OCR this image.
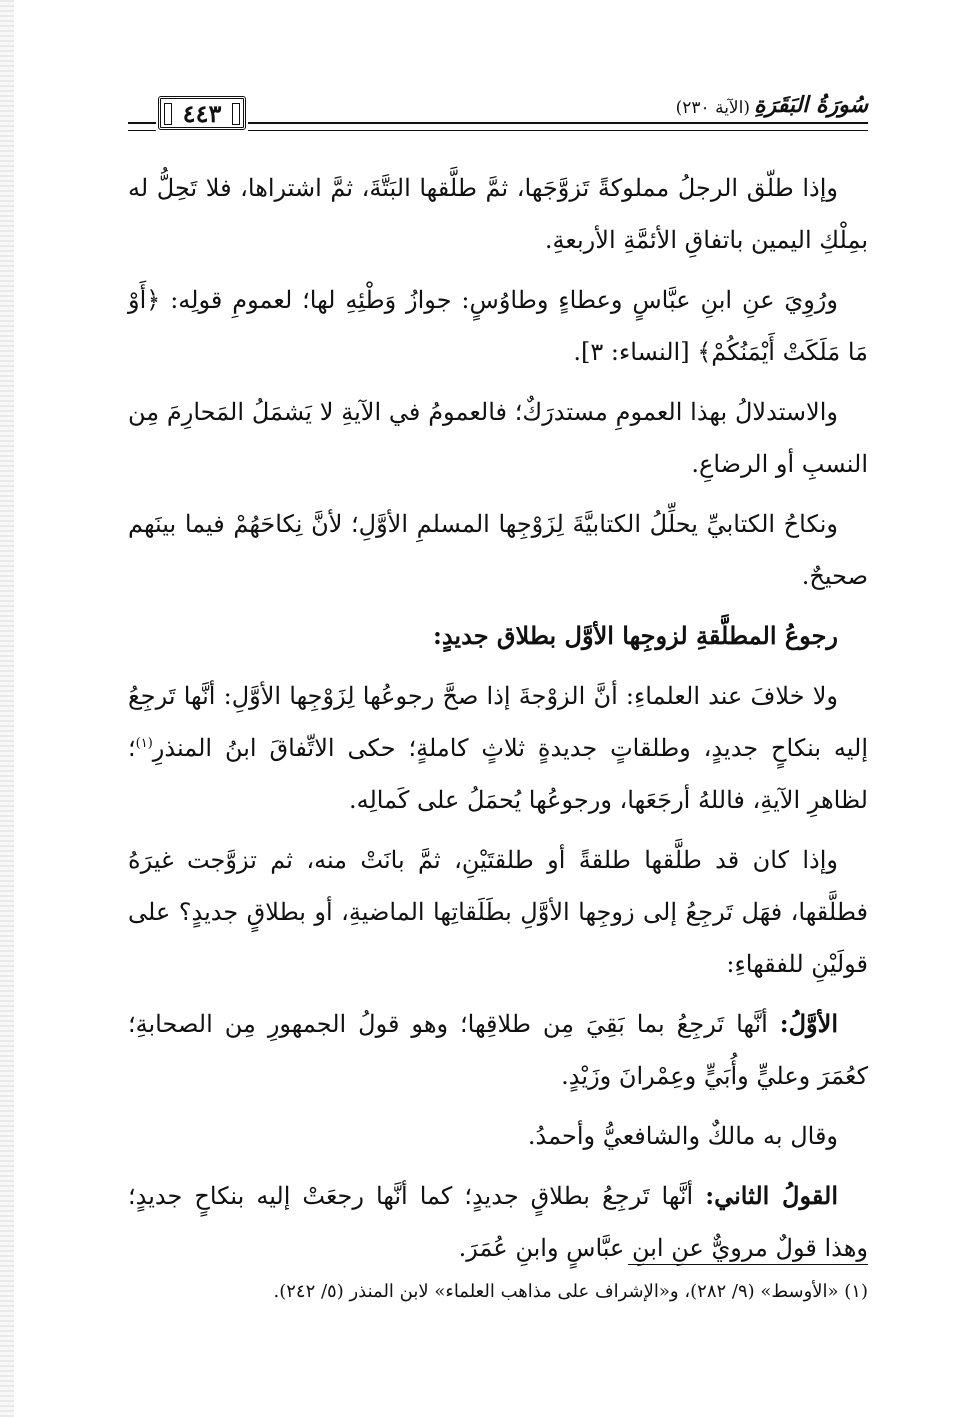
٤٤٣	سُورَةُ البَقَرَةِ
(الآية ٢٣٠)

وإذا طلّق الرجلُ مملوكةً تَزوَّجَها، ثمَّ طلَّقها البَتَّةَ، ثمَّ اشتراها، فلا تَحِلُّ له بمِلْكِ اليمين باتفاقِ الأئمَّةِ الأربعةِ.

ورُوِيَ عنِ ابنِ عبَّاسٍ وعطاءٍ وطاوُسٍ: جوازُ وَطْئِهِ لها؛ لعمومِ قولِه: ﴿أَوْ مَا مَلَكَتْ أَيْمَنُكُمْ﴾ [النساء: ٣].

والاستدلالُ بهذا العمومِ مستدرَكٌ؛ فالعمومُ في الآيةِ لا يَشمَلُ المَحارِمَ مِن النسبِ أو الرضاعِ.

ونكاحُ الكتابيِّ يحلِّلُ الكتابيَّةَ لِزَوْجِها المسلمِ الأوَّلِ؛ لأنَّ نِكاحَهُمْ فيما بينَهم صحيحٌ.

رجوعُ المطلَّقةِ لزوجِها الأوَّل بطلاق جديدٍ:

ولا خلافَ عند العلماءِ: أنَّ الزوْجةَ إذا صحَّ رجوعُها لِزَوْجِها الأوَّلِ: أنَّها تَرجِعُ إليه بنكاحٍ جديدٍ، وطلقاتٍ جديدةٍ ثلاثٍ كاملةٍ؛ حكى الاتِّفاقَ ابنُ المنذرِ$^{(١)}$؛ لظاهرِ الآيةِ، فاللهُ أرجَعَها، ورجوعُها يُحمَلُ على كَمالِه.

وإذا كان قد طلَّقها طلقةً أو طلقتَيْنِ، ثمَّ بانَتْ منه، ثم تزوَّجت غيرَهُ فطلَّقها، فهَل تَرجِعُ إلى زوجِها الأوَّلِ بطَلَقاتِها الماضيةِ، أو بطلاقٍ جديدٍ؟ على قولَيْنِ للفقهاءِ:

الأوَّلُ: أنَّها تَرجِعُ بما بَقِيَ مِن طلاقِها؛ وهو قولُ الجمهورِ مِن الصحابةِ؛ كعُمَرَ وعليٍّ وأُبَيٍّ وعِمْرانَ وزَيْدٍ.

وقال به مالكٌ والشافعيُّ وأحمدُ.

القولُ الثاني: أنَّها تَرجِعُ بطلاقٍ جديدٍ؛ كما أنَّها رجعَتْ إليه بنكاحٍ جديدٍ؛ وهذا قولٌ مرويٌّ عنِ ابنِ عبَّاسٍ وابنِ عُمَرَ.

(١) «الأوسط» (٩/ ٢٨٢)، و«الإشراف على مذاهب العلماء» لابن المنذر (٥/ ٢٤٢).
